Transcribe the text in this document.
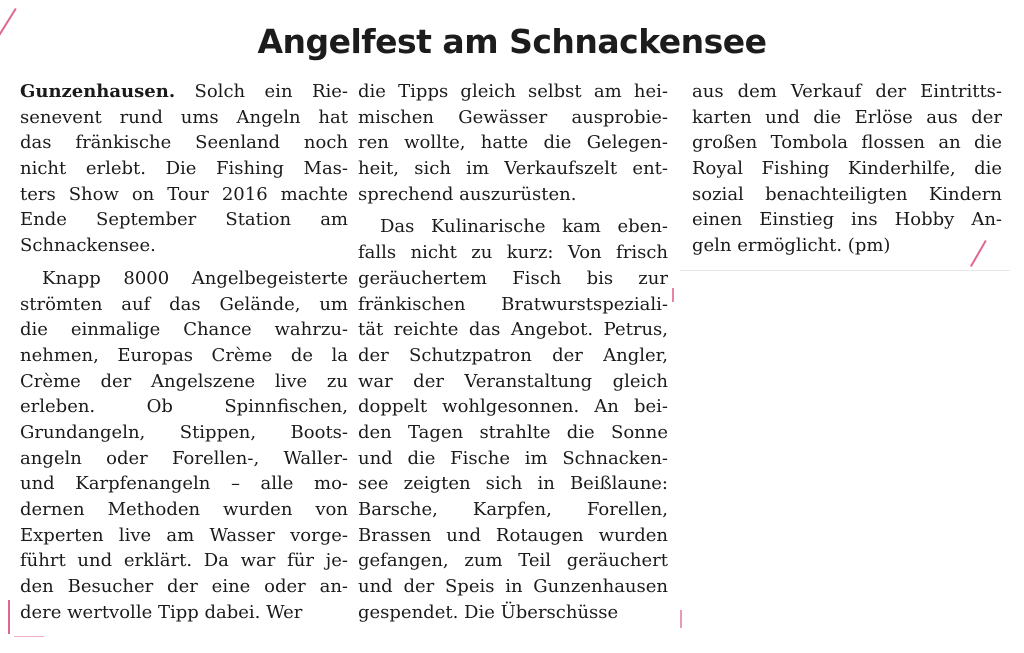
Angelfest am Schnackensee
Gunzenhausen. Solch ein Rie-
senevent rund ums Angeln hat
das fränkische Seenland noch
nicht erlebt. Die Fishing Mas-
ters Show on Tour 2016 machte
Ende September Station am
Schnackensee.
Knapp 8000 Angelbegeisterte
strömten auf das Gelände, um
die einmalige Chance wahrzu-
nehmen, Europas Crème de la
Crème der Angelszene live zu
erleben. Ob Spinnfischen,
Grundangeln, Stippen, Boots-
angeln oder Forellen-, Waller-
und Karpfenangeln – alle mo-
dernen Methoden wurden von
Experten live am Wasser vorge-
führt und erklärt. Da war für je-
den Besucher der eine oder an-
dere wertvolle Tipp dabei. Wer
die Tipps gleich selbst am hei-
mischen Gewässer ausprobie-
ren wollte, hatte die Gelegen-
heit, sich im Verkaufszelt ent-
sprechend auszurüsten.
Das Kulinarische kam eben-
falls nicht zu kurz: Von frisch
geräuchertem Fisch bis zur
fränkischen Bratwurstspeziali-
tät reichte das Angebot. Petrus,
der Schutzpatron der Angler,
war der Veranstaltung gleich
doppelt wohlgesonnen. An bei-
den Tagen strahlte die Sonne
und die Fische im Schnacken-
see zeigten sich in Beißlaune:
Barsche, Karpfen, Forellen,
Brassen und Rotaugen wurden
gefangen, zum Teil geräuchert
und der Speis in Gunzenhausen
gespendet. Die Überschüsse
aus dem Verkauf der Eintritts-
karten und die Erlöse aus der
großen Tombola flossen an die
Royal Fishing Kinderhilfe, die
sozial benachteiligten Kindern
einen Einstieg ins Hobby An-
geln ermöglicht. (pm)
